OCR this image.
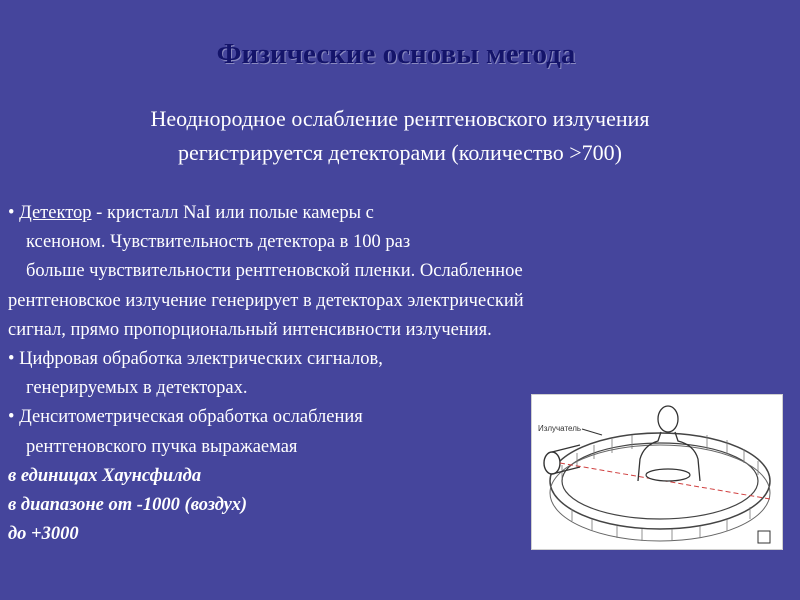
Физические основы метода
Неоднородное ослабление рентгеновского излучения
регистрируется детекторами (количество >700)
• Детектор - кристалл NaI или полые камеры с
ксеноном. Чувствительность детектора в 100 раз
больше чувствительности рентгеновской пленки. Ослабленное
рентгеновское излучение генерирует в детекторах электрический
сигнал, прямо пропорциональный интенсивности излучения.
• Цифровая обработка электрических сигналов,
генерируемых в детекторах.
• Денситометрическая обработка ослабления
рентгеновского пучка выражаемая
в единицах Хаунсфилда
в диапазоне от -1000 (воздух)
до +3000
Излучатель
